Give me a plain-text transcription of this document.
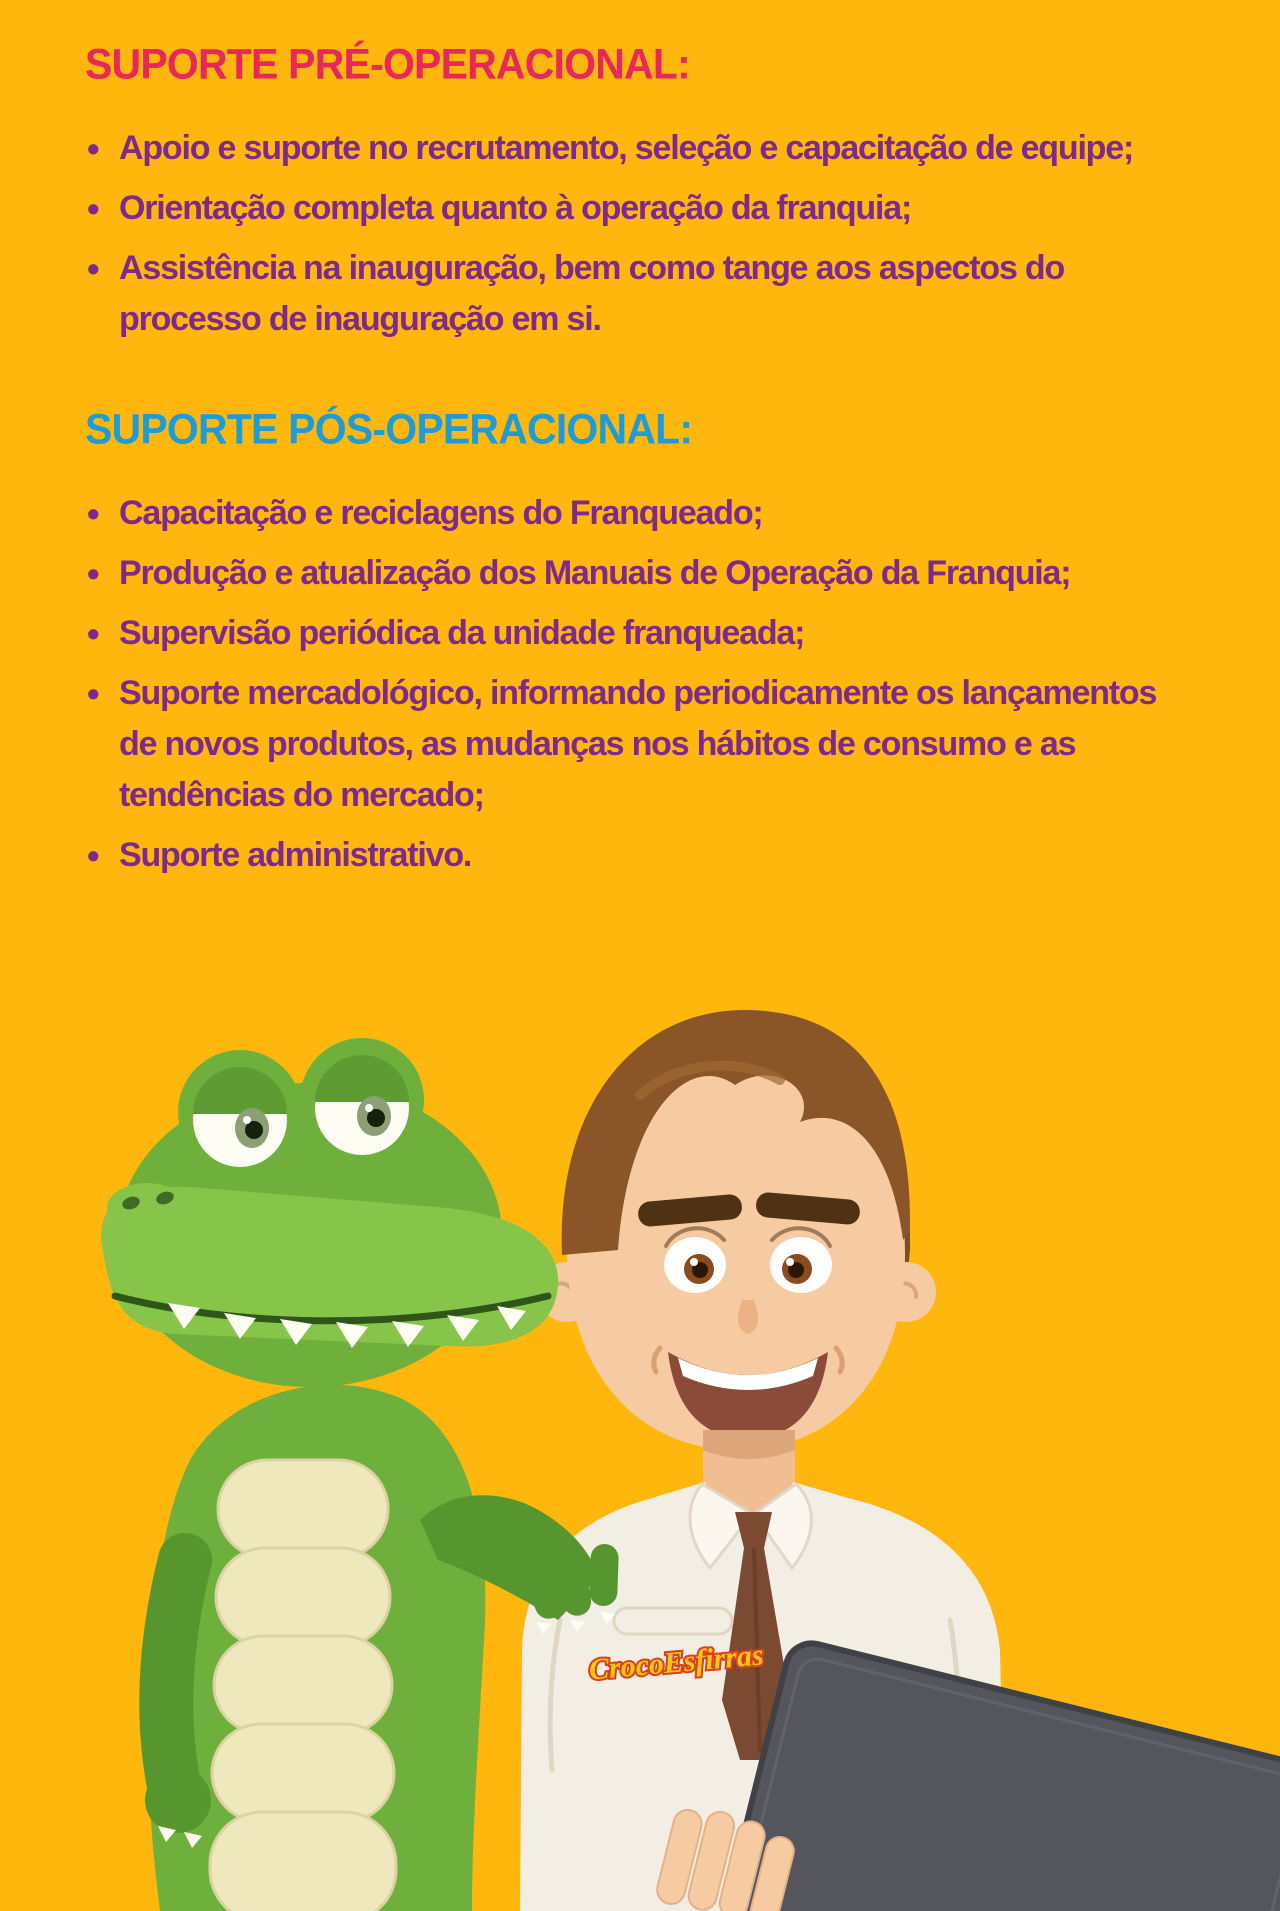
SUPORTE PRÉ-OPERACIONAL:
• Apoio e suporte no recrutamento, seleção e capacitação de equipe;
• Orientação completa quanto à operação da franquia;
• Assistência na inauguração, bem como tange aos aspectos do processo de inauguração em si.
SUPORTE PÓS-OPERACIONAL:
• Capacitação e reciclagens do Franqueado;
• Produção e atualização dos Manuais de Operação da Franquia;
• Supervisão periódica da unidade franqueada;
• Suporte mercadológico, informando periodicamente os lançamentos de novos produtos, as mudanças nos hábitos de consumo e as tendências do mercado;
• Suporte administrativo.
CrocoEsfirras
